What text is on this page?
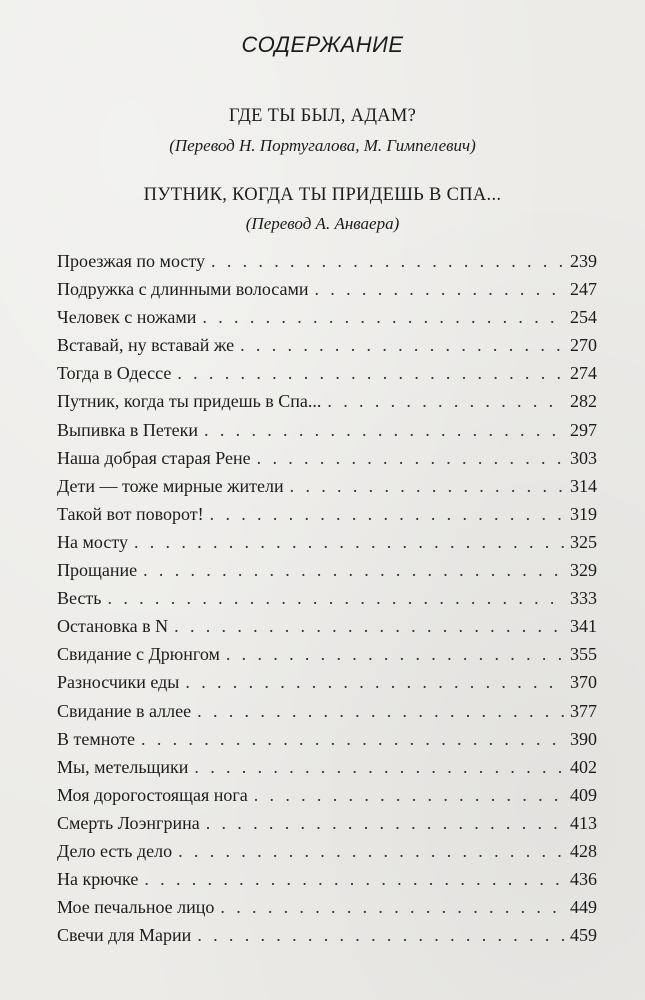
СОДЕРЖАНИЕ
ГДЕ ТЫ БЫЛ, АДАМ?
(Перевод Н. Португалова, М. Гимпелевич)
ПУТНИК, КОГДА ТЫ ПРИДЕШЬ В СПА...
(Перевод А. Анваера)
Проезжая по мосту . . .	239
Подружка с длинными волосами . . .	247
Человек с ножами . . .	254
Вставай, ну вставай же . . .	270
Тогда в Одессе . . .	274
Путник, когда ты придешь в Спа... . . .	282
Выпивка в Петеки . . .	297
Наша добрая старая Рене . . .	303
Дети — тоже мирные жители . . .	314
Такой вот поворот! . . .	319
На мосту . . .	325
Прощание . . .	329
Весть . . .	333
Остановка в N . . .	341
Свидание с Дрюнгом . . .	355
Разносчики еды . . .	370
Свидание в аллее . . .	377
В темноте . . .	390
Мы, метельщики . . .	402
Моя дорогостоящая нога . . .	409
Смерть Лоэнгрина . . .	413
Дело есть дело . . .	428
На крючке . . .	436
Мое печальное лицо . . .	449
Свечи для Марии . . .	459
